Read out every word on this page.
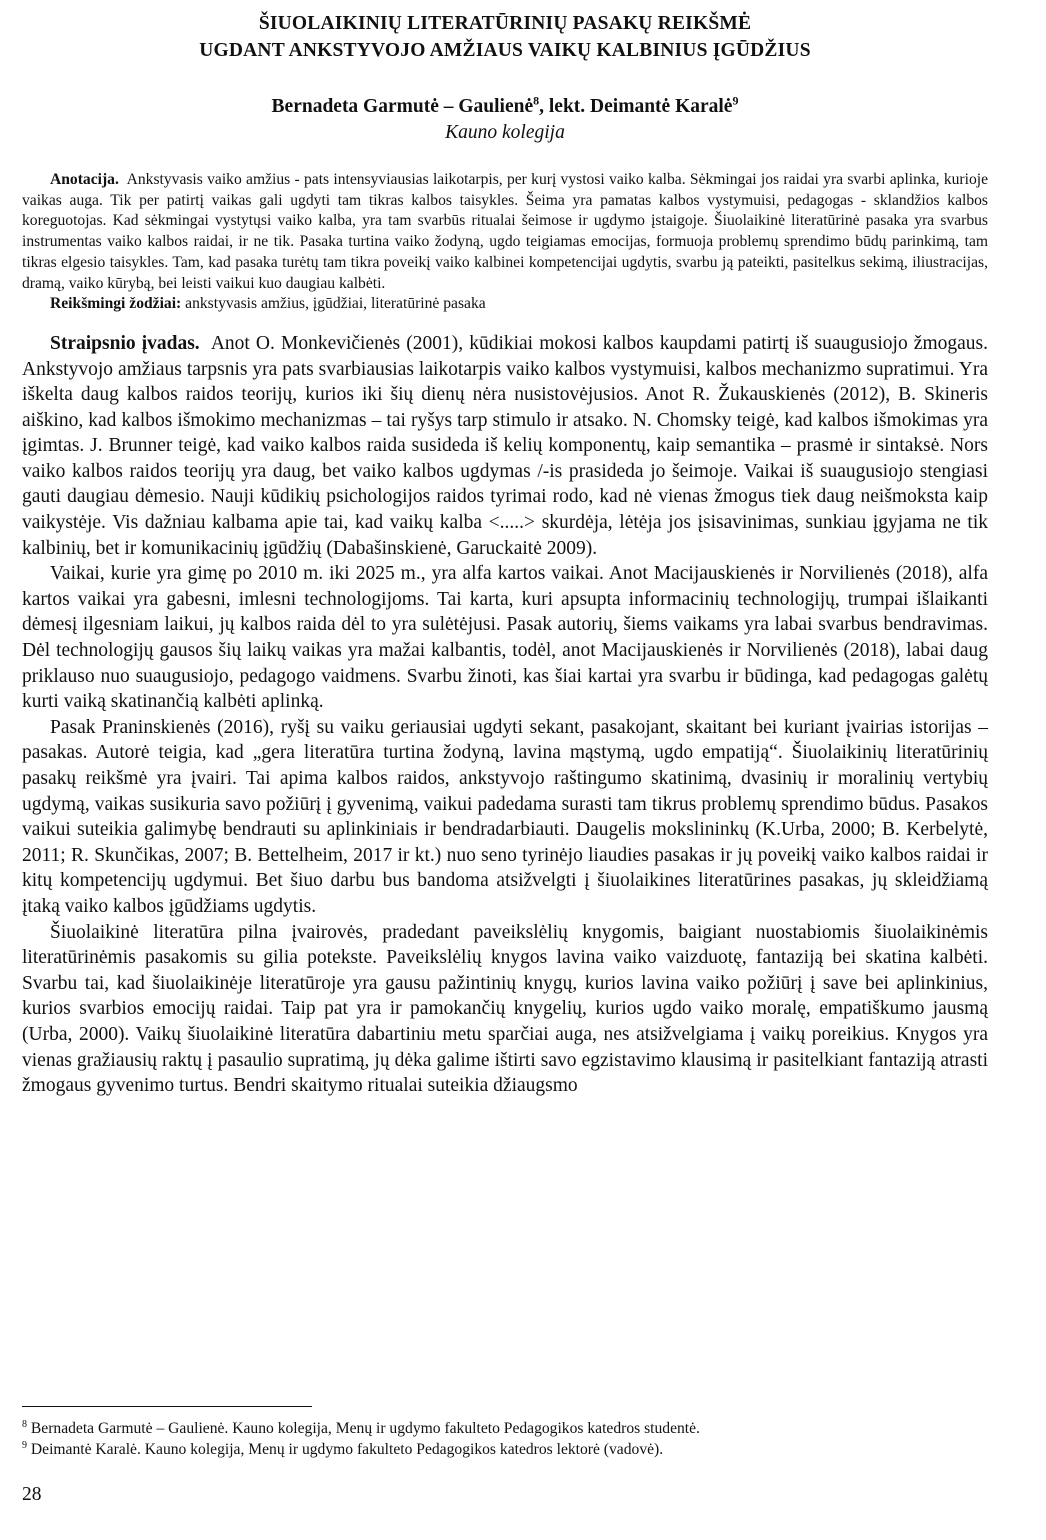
ŠIUOLAIKINIŲ LITERATŪRINIŲ PASAKŲ REIKŠMĖ
UGDANT ANKSTYVOJO AMŽIAUS VAIKŲ KALBINIUS ĮGŪDŽIUS
Bernadeta Garmutė – Gaulienė$^8$, lekt. Deimantė Karalė$^9$
Kauno kolegija

Anotacija. Ankstyvasis vaiko amžius - pats intensyviausias laikotarpis, per kurį vystosi vaiko kalba. Sėkmingai jos raidai yra svarbi aplinka, kurioje vaikas auga. Tik per patirtį vaikas gali ugdyti tam tikras kalbos taisykles. Šeima yra pamatas kalbos vystymuisi, pedagogas - sklandžios kalbos koreguotojas. Kad sėkmingai vystytųsi vaiko kalba, yra tam svarbūs ritualai šeimose ir ugdymo įstaigoje. Šiuolaikinė literatūrinė pasaka yra svarbus instrumentas vaiko kalbos raidai, ir ne tik. Pasaka turtina vaiko žodyną, ugdo teigiamas emocijas, formuoja problemų sprendimo būdų parinkimą, tam tikras elgesio taisykles. Tam, kad pasaka turėtų tam tikra poveikį vaiko kalbinei kompetencijai ugdytis, svarbu ją pateikti, pasitelkus sekimą, iliustracijas, dramą, vaiko kūrybą, bei leisti vaikui kuo daugiau kalbėti.

Reikšmingi žodžiai: ankstyvasis amžius, įgūdžiai, literatūrinė pasaka

Straipsnio įvadas. Anot O. Monkevičienės (2001), kūdikiai mokosi kalbos kaupdami patirtį iš suaugusiojo žmogaus. Ankstyvojo amžiaus tarpsnis yra pats svarbiausias laikotarpis vaiko kalbos vystymuisi, kalbos mechanizmo supratimui. Yra iškelta daug kalbos raidos teorijų, kurios iki šių dienų nėra nusistovėjusios. Anot R. Žukauskienės (2012), B. Skineris aiškino, kad kalbos išmokimo mechanizmas – tai ryšys tarp stimulo ir atsako. N. Chomsky teigė, kad kalbos išmokimas yra įgimtas. J. Brunner teigė, kad vaiko kalbos raida susideda iš kelių komponentų, kaip semantika – prasmė ir sintaksė. Nors vaiko kalbos raidos teorijų yra daug, bet vaiko kalbos ugdymas /-is prasideda jo šeimoje. Vaikai iš suaugusiojo stengiasi gauti daugiau dėmesio. Nauji kūdikių psichologijos raidos tyrimai rodo, kad nė vienas žmogus tiek daug neišmoksta kaip vaikystėje. Vis dažniau kalbama apie tai, kad vaikų kalba <.....> skurdėja, lėtėja jos įsisavinimas, sunkiau įgyjama ne tik kalbinių, bet ir komunikacinių įgūdžių (Dabašinskienė, Garuckaitė 2009).

Vaikai, kurie yra gimę po 2010 m. iki 2025 m., yra alfa kartos vaikai. Anot Macijauskienės ir Norvilienės (2018), alfa kartos vaikai yra gabesni, imlesni technologijoms. Tai karta, kuri apsupta informacinių technologijų, trumpai išlaikanti dėmesį ilgesniam laikui, jų kalbos raida dėl to yra sulėtėjusi. Pasak autorių, šiems vaikams yra labai svarbus bendravimas. Dėl technologijų gausos šių laikų vaikas yra mažai kalbantis, todėl, anot Macijauskienės ir Norvilienės (2018), labai daug priklauso nuo suaugusiojo, pedagogo vaidmens. Svarbu žinoti, kas šiai kartai yra svarbu ir būdinga, kad pedagogas galėtų kurti vaiką skatinančią kalbėti aplinką.

Pasak Praninskienės (2016), ryšį su vaiku geriausiai ugdyti sekant, pasakojant, skaitant bei kuriant įvairias istorijas – pasakas. Autorė teigia, kad „gera literatūra turtina žodyną, lavina mąstymą, ugdo empatiją“. Šiuolaikinių literatūrinių pasakų reikšmė yra įvairi. Tai apima kalbos raidos, ankstyvojo raštingumo skatinimą, dvasinių ir moralinių vertybių ugdymą, vaikas susikuria savo požiūrį į gyvenimą, vaikui padedama surasti tam tikrus problemų sprendimo būdus. Pasakos vaikui suteikia galimybę bendrauti su aplinkiniais ir bendradarbiauti. Daugelis mokslininkų (K.Urba, 2000; B. Kerbelytė, 2011; R. Skunčikas, 2007; B. Bettelheim, 2017 ir kt.) nuo seno tyrinėjo liaudies pasakas ir jų poveikį vaiko kalbos raidai ir kitų kompetencijų ugdymui. Bet šiuo darbu bus bandoma atsižvelgti į šiuolaikines literatūrines pasakas, jų skleidžiamą įtaką vaiko kalbos įgūdžiams ugdytis.

Šiuolaikinė literatūra pilna įvairovės, pradedant paveikslėlių knygomis, baigiant nuostabiomis šiuolaikinėmis literatūrinėmis pasakomis su gilia potekste. Paveikslėlių knygos lavina vaiko vaizduotę, fantaziją bei skatina kalbėti. Svarbu tai, kad šiuolaikinėje literatūroje yra gausu pažintinių knygų, kurios lavina vaiko požiūrį į save bei aplinkinius, kurios svarbios emocijų raidai. Taip pat yra ir pamokančių knygelių, kurios ugdo vaiko moralę, empatiškumo jausmą (Urba, 2000). Vaikų šiuolaikinė literatūra dabartiniu metu sparčiai auga, nes atsižvelgiama į vaikų poreikius. Knygos yra vienas gražiausių raktų į pasaulio supratimą, jų dėka galime ištirti savo egzistavimo klausimą ir pasitelkiant fantaziją atrasti žmogaus gyvenimo turtus. Bendri skaitymo ritualai suteikia džiaugsmo

$^8$ Bernadeta Garmutė – Gaulienė. Kauno kolegija, Menų ir ugdymo fakulteto Pedagogikos katedros studentė.
$^9$ Deimantė Karalė. Kauno kolegija, Menų ir ugdymo fakulteto Pedagogikos katedros lektorė (vadovė).
28
